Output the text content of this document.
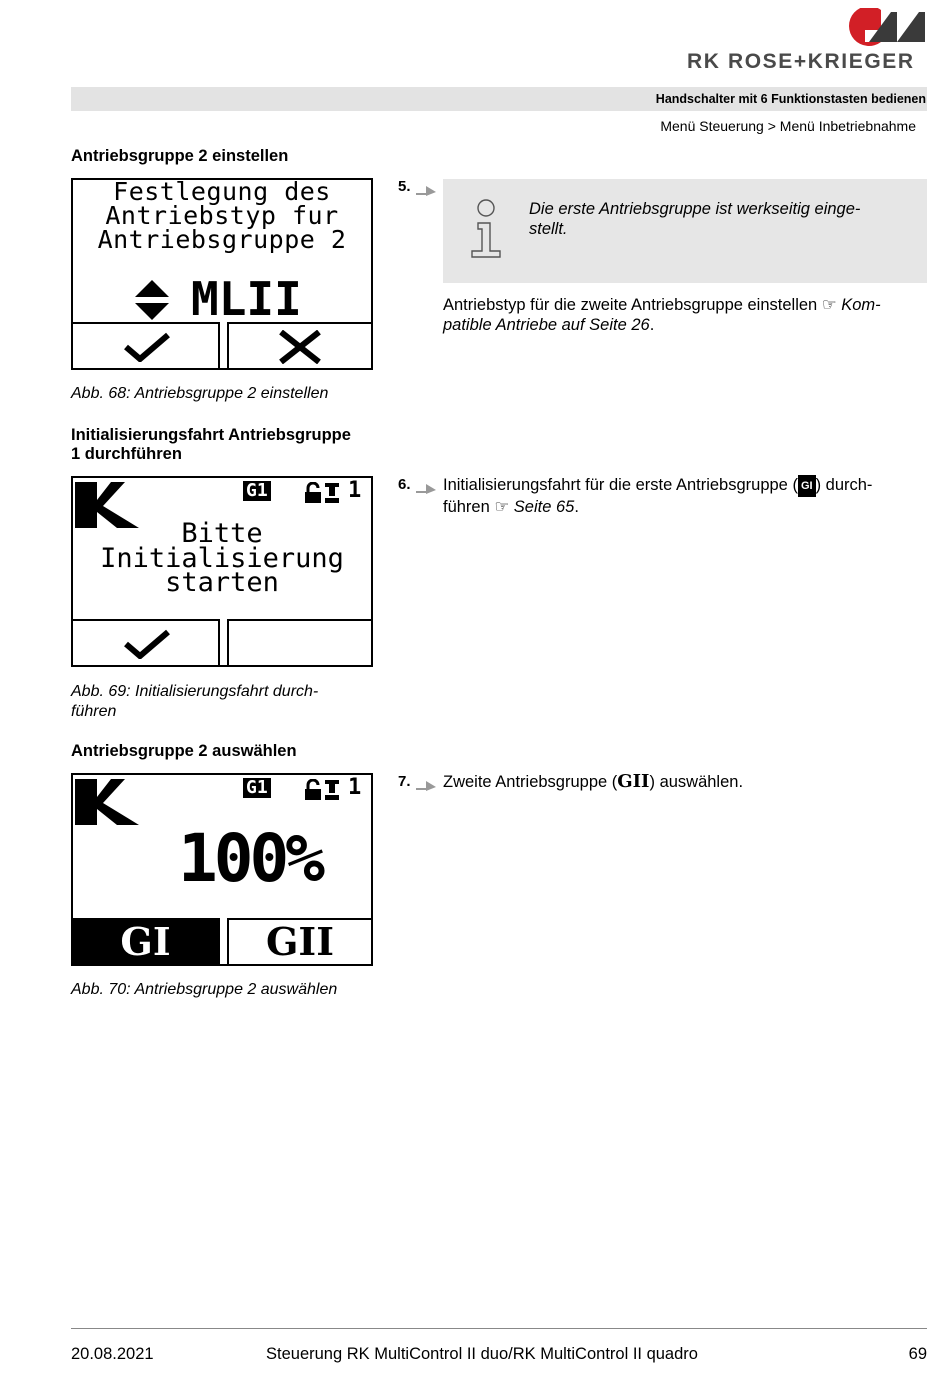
RK ROSE+KRIEGER
Handschalter mit 6 Funktionstasten bedienen
Menü Steuerung > Menü Inbetriebnahme
Antriebsgruppe 2 einstellen
Festlegung des
Antriebstyp fur
Antriebsgruppe 2
MLII
Abb. 68: Antriebsgruppe 2 einstellen
5.
Die erste Antriebsgruppe ist werkseitig einge-
stellt.
Antriebstyp für die zweite Antriebsgruppe einstellen ☞ Kom-
patible Antriebe auf Seite 26.
Initialisierungsfahrt Antriebsgruppe
1 durchführen
G1	1
Bitte
Initialisierung
starten
Abb. 69: Initialisierungsfahrt durch-
führen
6. Initialisierungsfahrt für die erste Antriebsgruppe ( GI ) durch-
führen ☞ Seite 65.
Antriebsgruppe 2 auswählen
G1	1
100%
GI	GII
Abb. 70: Antriebsgruppe 2 auswählen
7. Zweite Antriebsgruppe (GII) auswählen.
20.08.2021	Steuerung RK MultiControl II duo/RK MultiControl II quadro	69
